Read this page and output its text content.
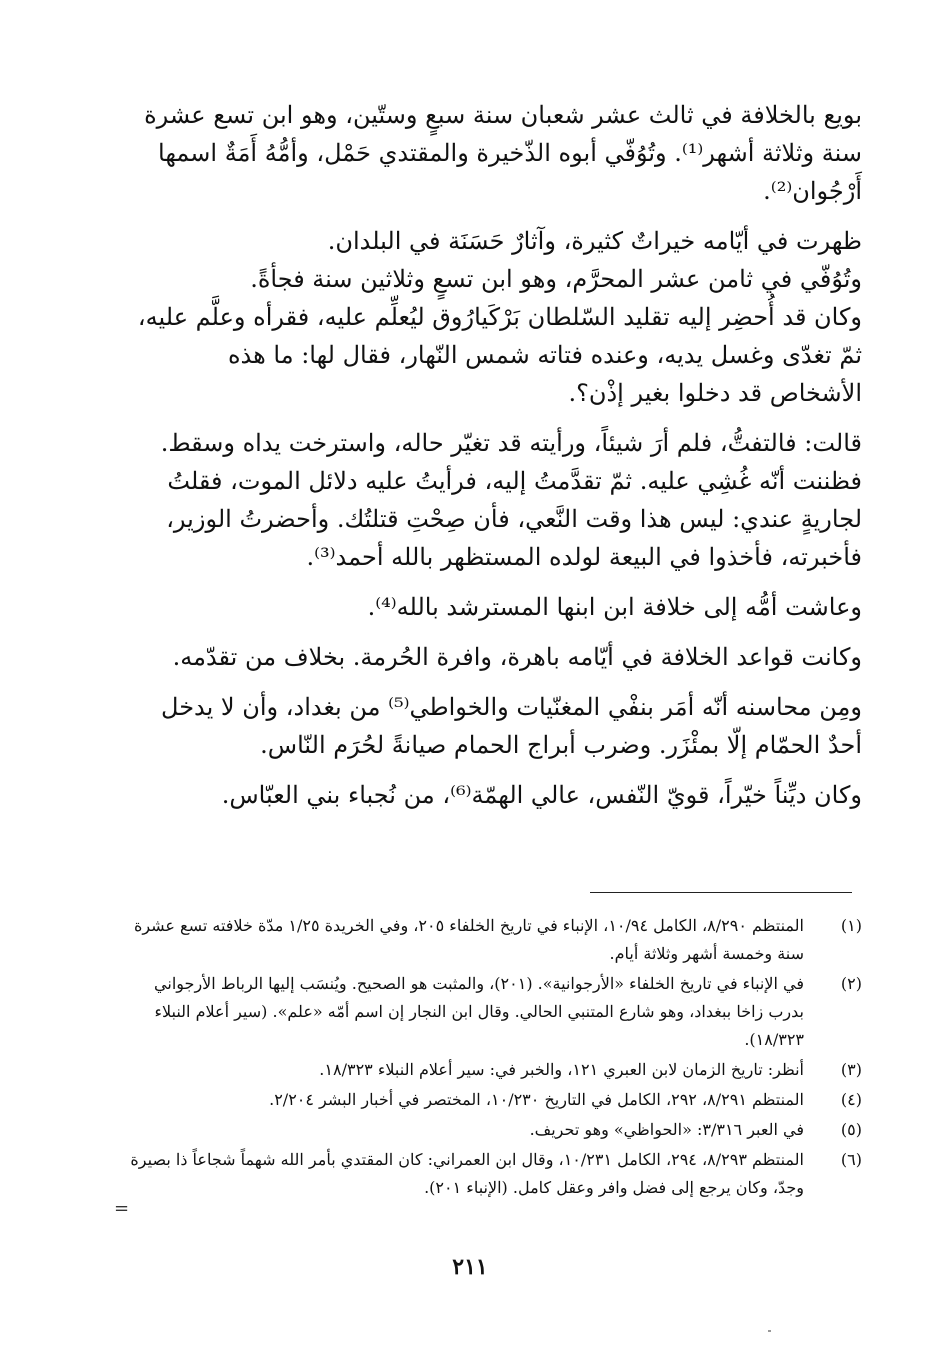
بويع بالخلافة في ثالث عشر شعبان سنة سبعٍ وستّين، وهو ابن تسع عشرة سنة وثلاثة أشهر⁽¹⁾. وتُوُفّي أبوه الذّخيرة والمقتدي حَمْل، وأمُّهُ أَمَةٌ اسمها أَرْجُوان⁽²⁾.

ظهرت في أيّامه خيراتٌ كثيرة، وآثارٌ حَسَنَة في البلدان.

وتُوُفّي في ثامن عشر المحرَّم، وهو ابن تسعٍ وثلاثين سنة فجأةً.

وكان قد أُحضِر إليه تقليد السّلطان بَرْكَيارُوق ليُعلِّم عليه، فقرأه وعلَّم عليه، ثمّ تغدّى وغسل يديه، وعنده فتاته شمس النّهار، فقال لها: ما هذه الأشخاص قد دخلوا بغير إذْن؟.

قالت: فالتفتُّ، فلم أرَ شيئاً، ورأيته قد تغيّر حاله، واسترخت يداه وسقط. فظننت أنّه غُشِي عليه. ثمّ تقدَّمتُ إليه، فرأيتُ عليه دلائل الموت، فقلتُ لجاريةٍ عندي: ليس هذا وقت النَّعي، فأن صِحْتِ قتلتُك. وأحضرتُ الوزير، فأخبرته، فأخذوا في البيعة لولده المستظهر بالله أحمد⁽³⁾.

وعاشت أمُّه إلى خلافة ابن ابنها المسترشد بالله⁽⁴⁾.

وكانت قواعد الخلافة في أيّامه باهرة، وافرة الحُرمة. بخلاف من تقدّمه.

ومِن محاسنه أنّه أمَر بنفْي المغنّيات والخواطي⁽⁵⁾ من بغداد، وأن لا يدخل أحدٌ الحمّام إلّا بمئْزَر. وضرب أبراج الحمام صيانةً لحُرَم النّاس.

وكان ديِّناً خيّراً، قويّ النّفس، عالي الهمّة⁽⁶⁾، من نُجباء بني العبّاس.

(١)
المنتظم ٨/٢٩٠، الكامل ١٠/٩٤، الإنباء في تاريخ الخلفاء ٢٠٥، وفي الخريدة ١/٢٥ مدّة خلافته تسع عشرة سنة وخمسة أشهر وثلاثة أيام.
(٢)
في الإنباء في تاريخ الخلفاء «الأرجوانية». (٢٠١)، والمثبت هو الصحيح. ويُنسَب إليها الرباط الأرجواني بدرب زاخا ببغداد، وهو شارع المتنبي الحالي. وقال ابن النجار إن اسم أمّه «علم». (سير أعلام النبلاء ١٨/٣٢٣).
(٣)
أنظر: تاريخ الزمان لابن العبري ١٢١، والخبر في: سير أعلام النبلاء ١٨/٣٢٣.
(٤)
المنتظم ٨/٢٩١، ٢٩٢، الكامل في التاريخ ١٠/٢٣٠، المختصر في أخبار البشر ٢/٢٠٤.
(٥)
في العبر ٣/٣١٦: «الحواظي» وهو تحريف.
(٦)
المنتظم ٨/٢٩٣، ٢٩٤، الكامل ١٠/٢٣١، وقال ابن العمراني: كان المقتدي بأمر الله شهماً شجاعاً ذا بصيرة وجدّ، وكان يرجع إلى فضل وافر وعقل كامل. (الإنباء ٢٠١).
=
٢١١
